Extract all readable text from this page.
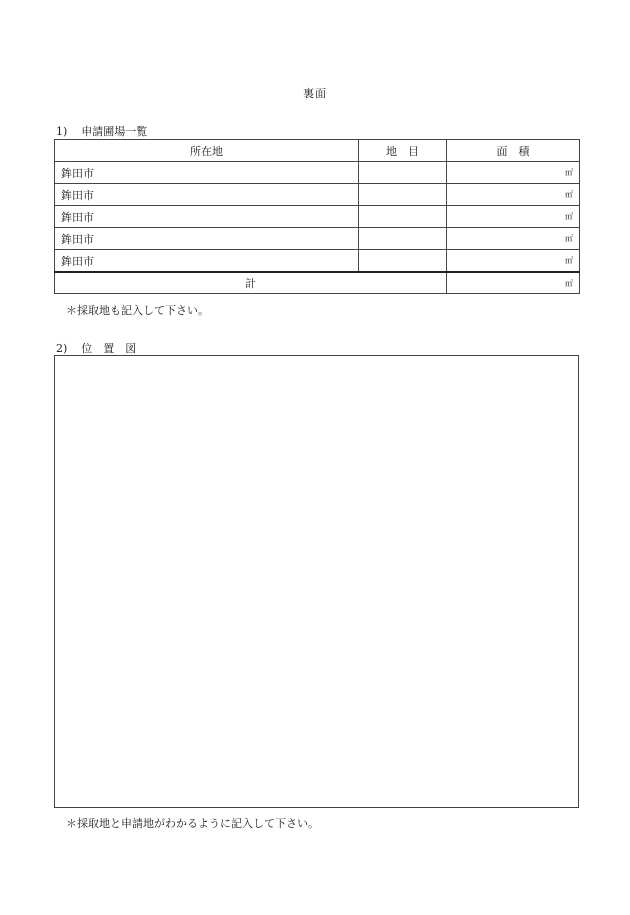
裏面
1) 申請圃場一覧
所在地	地　目	面　積
鉾田市		㎡
鉾田市		㎡
鉾田市		㎡
鉾田市		㎡
鉾田市		㎡
計		㎡
＊採取地も記入して下さい。
2) 位　置　図
＊採取地と申請地がわかるように記入して下さい。
